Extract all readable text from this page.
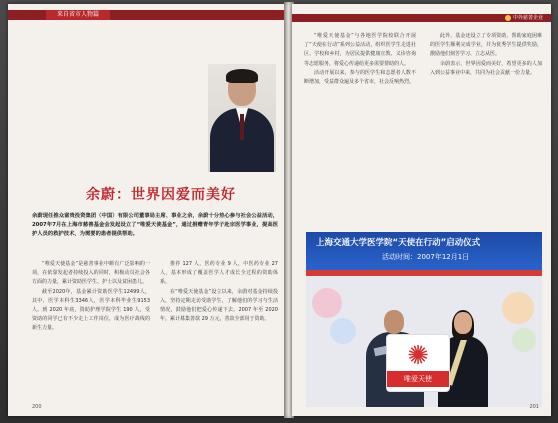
来自省市人物篇
余蔚：世界因爱而美好
余蔚现任推众富贵投资集团（中国）有限公司董事局主席、事业之余，余蔚十分热心参与社会公益活动，2007年7月在上海市慈善基金会发起设立了“唯爱天使基金”，通过捐赠青年学子赴宗医学事业，提高医护人员的救护技术，为需要的患者提供帮助。

“唯爱天使基金”是慈善事业中颇有广泛影响的一项，在依靠发起者持续投入的同时，积极动员社会各方面的力量，累计资助医学生、护士以及贫困患儿。

截至2020年，基金累计资助医学生12499人，其中，医学本科生3346人，医学本科毕业生9153人。到 2020 年底，资助护理学院学生 190 人，受资助的同学已有不少走上工作岗位，成为医疗战线的新生力量。

推荐 127 人，医药专业 9 人，中医药专业 27 人，基本形成了覆盖医学人才成长全过程的资助体系。

在“唯爱天使基金”设立以来，余蔚对基金持续投入，坚持定期走访受助学生，了解他们的学习与生活情况，鼓励他们把爱心传递下去。2007 年至 2020 年，累计募集善款 29 万元，善款全部用于资助。

200
中外慈善企业

“唯爱天使基金”与各地医学院校联合开展了“天使在行动”系列公益活动，组织医学生走进社区、学校和乡村，为居民提供健康宣教、义诊咨询等志愿服务，将爱心传递给更多需要帮助的人。

活动开展以来，参与的医学生和志愿者人数不断增加，受益群众遍及多个省市，社会反响热烈。

此外，基金还设立了专项资助，帮助家庭困难的医学生顺利完成学业，并为优秀学生提供奖励，激励他们刻苦学习、立志从医。

余蔚表示，世界因爱而美好，希望更多的人加入到公益事业中来，共同为社会贡献一份力量。

上海交通大学医学院“天使在行动”启动仪式
活动时间：2007年12月1日
✺
唯爱天使
201
